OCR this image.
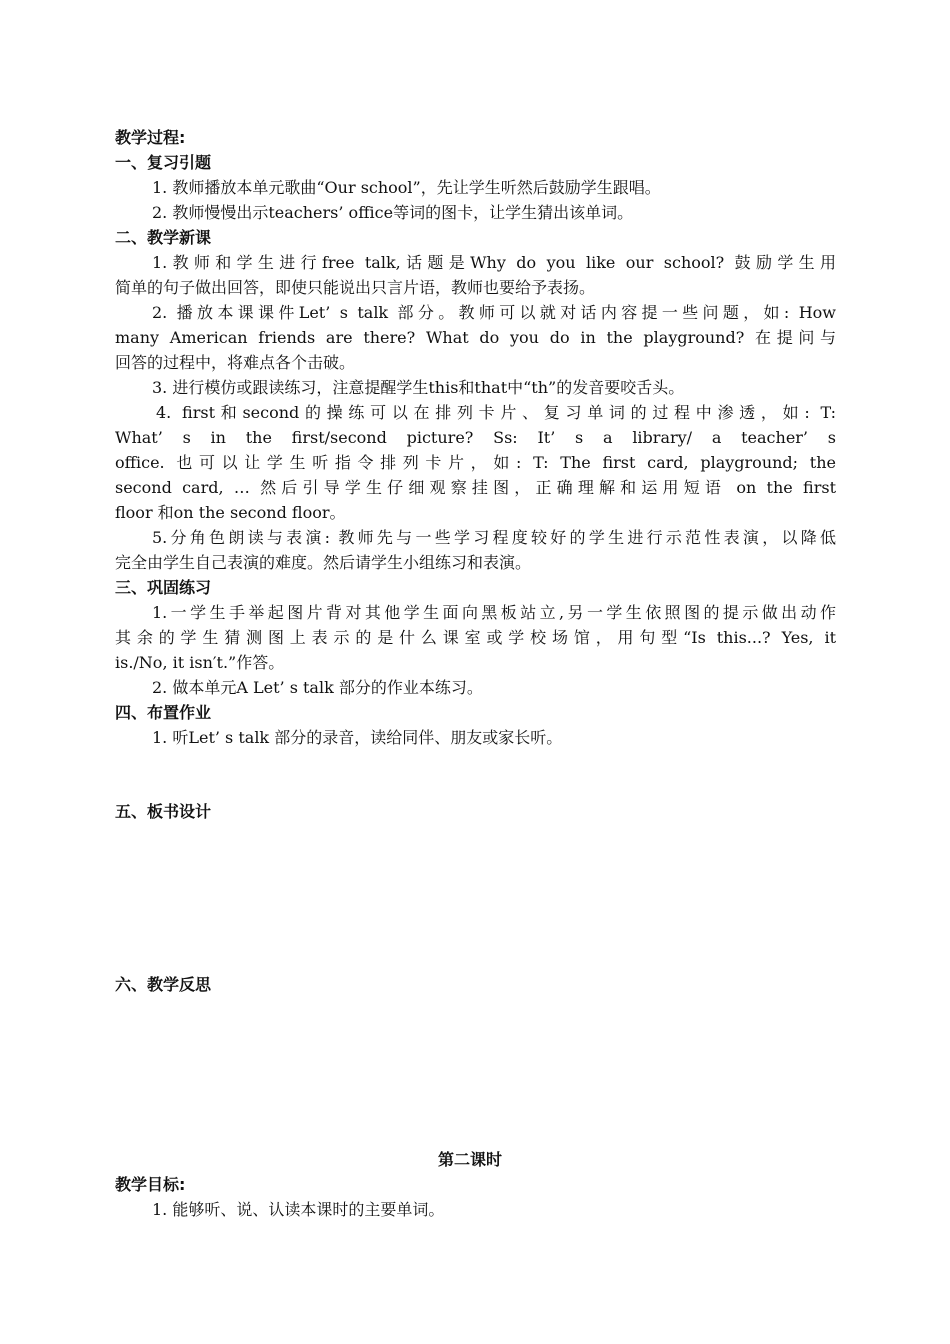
教学过程:
一、复习引题
1. 教师播放本单元歌曲“Our school”，先让学生听然后鼓励学生跟唱。
2. 教师慢慢出示teachers’ office等词的图卡，让学生猜出该单词。
二、教学新课
1.教师和学生进行free talk,话题是Why do you like our school? 鼓励学生用
简单的句子做出回答，即使只能说出只言片语，教师也要给予表扬。
2. 播放本课课件Let’ s talk 部分。教师可以就对话内容提一些问题，如: How
many American friends are there? What do you do in the playground? 在提问与
回答的过程中，将难点各个击破。
3. 进行模仿或跟读练习，注意提醒学生this和that中“th”的发音要咬舌头。
4. first和second的操练可以在排列卡片、复习单词的过程中渗透，如: T:
What’ s in the first/second picture? Ss: It’ s a library/ a teacher’ s
office. 也可以让学生听指令排列卡片，如: T: The first card, playground; the
second card, … 然后引导学生仔细观察挂图，正确理解和运用短语 on the first
floor 和on the second floor。
5.分角色朗读与表演: 教师先与一些学习程度较好的学生进行示范性表演，以降低
完全由学生自己表演的难度。然后请学生小组练习和表演。
三、巩固练习
1.一学生手举起图片背对其他学生面向黑板站立,另一学生依照图的提示做出动作
其余的学生猜测图上表示的是什么课室或学校场馆，用句型“Is this...? Yes, it
is./No, it isn′t.”作答。
2. 做本单元A Let’ s talk 部分的作业本练习。
四、布置作业
1. 听Let’ s talk 部分的录音，读给同伴、朋友或家长听。
五、板书设计
六、教学反思
第二课时
教学目标:
1. 能够听、说、认读本课时的主要单词。
